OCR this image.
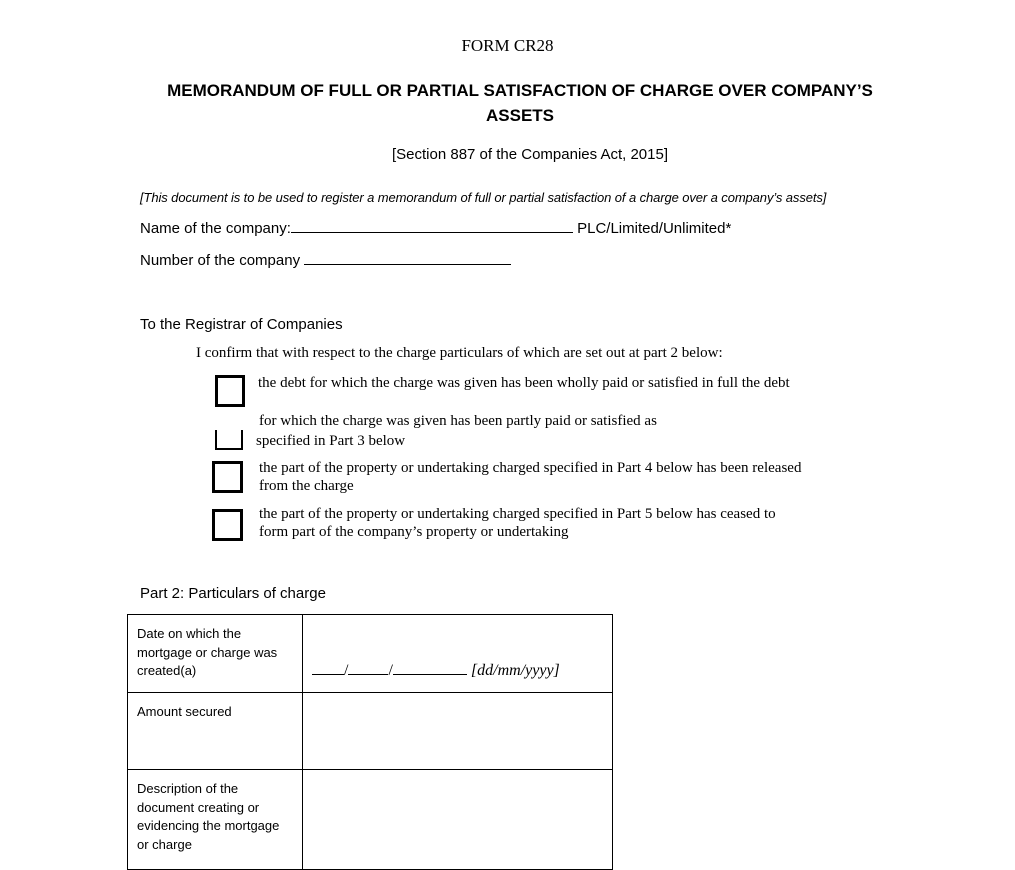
FORM CR28
MEMORANDUM OF FULL OR PARTIAL SATISFACTION OF CHARGE OVER COMPANY’S
ASSETS
[Section 887 of the Companies Act, 2015]
[This document is to be used to register a memorandum of full or partial satisfaction of a charge over a company’s assets]
Name of the company:	PLC/Limited/Unlimited*
Number of the company
To the Registrar of Companies
I confirm that with respect to the charge particulars of which are set out at part 2 below:
the debt for which the charge was given has been wholly paid or satisfied in full the debt
for which the charge was given has been partly paid or satisfied as
specified in Part 3 below
the part of the property or undertaking charged specified in Part 4 below has been released
from the charge
the part of the property or undertaking charged specified in Part 5 below has ceased to
form part of the company’s property or undertaking
Part 2: Particulars of charge
Date on which the mortgage or charge was created(a)	/ / [dd/mm/yyyy]
Amount secured	
Description of the document creating or evidencing the mortgage or charge	
